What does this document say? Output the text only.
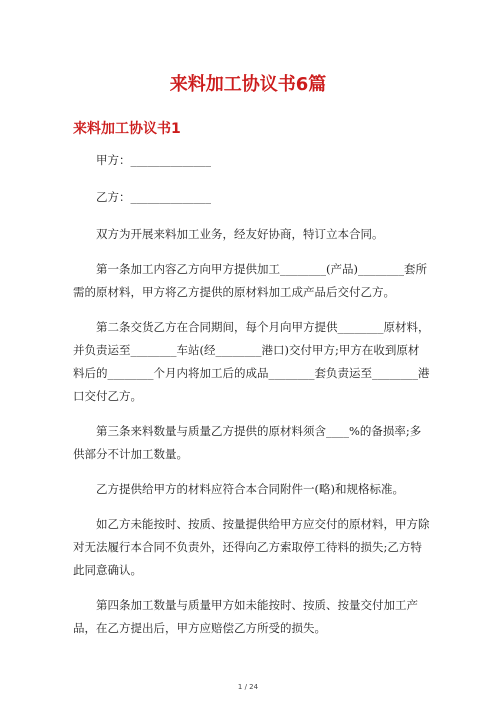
来料加工协议书6篇
来料加工协议书1

甲方：______________

乙方：______________

双方为开展来料加工业务，经友好协商，特订立本合同。

第一条加工内容乙方向甲方提供加工________(产品)________套所需的原材料，甲方将乙方提供的原材料加工成产品后交付乙方。

第二条交货乙方在合同期间，每个月向甲方提供________原材料，并负责运至________车站(经________港口)交付甲方;甲方在收到原材料后的________个月内将加工后的成品________套负责运至________港口交付乙方。

第三条来料数量与质量乙方提供的原材料须含____%的备损率;多供部分不计加工数量。

乙方提供给甲方的材料应符合本合同附件一(略)和规格标准。

如乙方未能按时、按质、按量提供给甲方应交付的原材料，甲方除对无法履行本合同不负责外，还得向乙方索取停工待料的损失;乙方特此同意确认。

第四条加工数量与质量甲方如未能按时、按质、按量交付加工产品，在乙方提出后，甲方应赔偿乙方所受的损失。

1 / 24
